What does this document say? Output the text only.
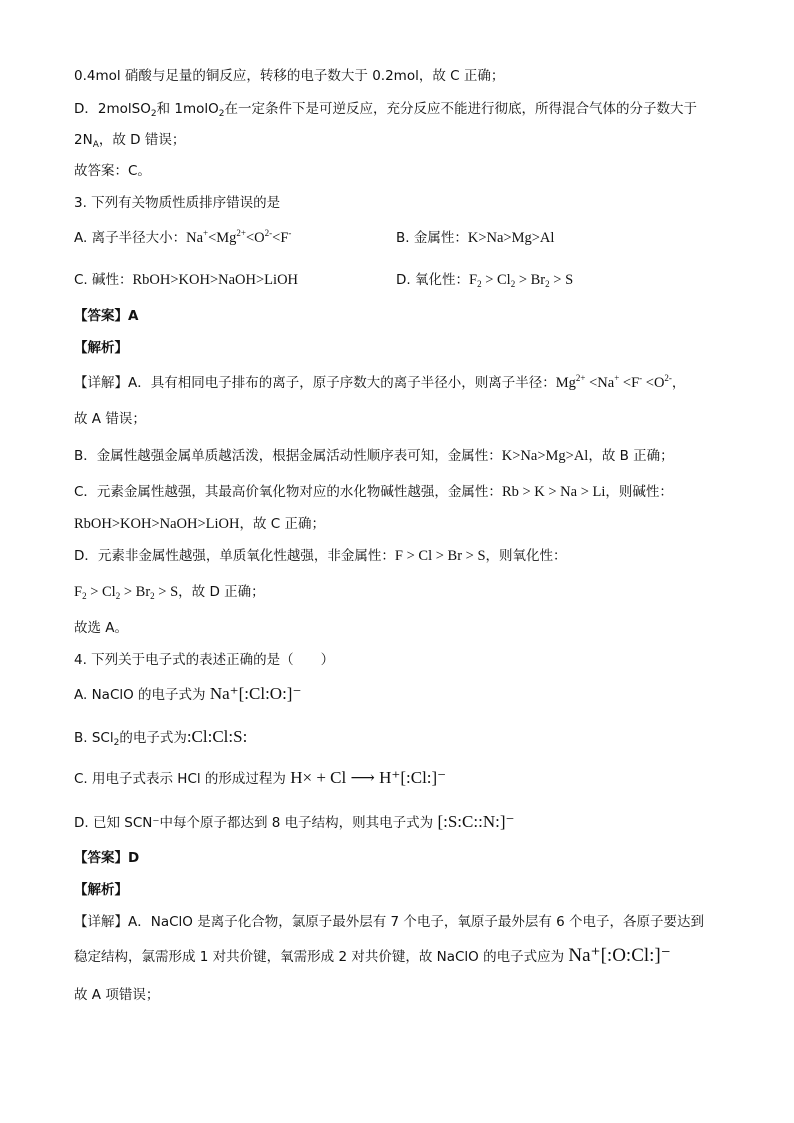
0.4mol 硝酸与足量的铜反应，转移的电子数大于 0.2mol，故 C 正确；
D．2molSO$_2$和 1molO$_2$在一定条件下是可逆反应，充分反应不能进行彻底，所得混合气体的分子数大于
$2N_A$，故 D 错误；
故答案：C。
3. 下列有关物质性质排序错误的是
A. 离子半径大小：$Na^+<Mg^{2+}<O^{2-}<F^-$	B. 金属性：K>Na>Mg>Al
C. 碱性：RbOH>KOH>NaOH>LiOH	D. 氧化性：$F_2 > Cl_2 > Br_2 > S$
【答案】A
【解析】
【详解】A．具有相同电子排布的离子，原子序数大的离子半径小，则离子半径：$Mg^{2+} <Na^+ <F^- <O^{2-}$，
故 A 错误；
B．金属性越强金属单质越活泼，根据金属活动性顺序表可知，金属性：K>Na>Mg>Al，故 B 正确；
C．元素金属性越强，其最高价氧化物对应的水化物碱性越强，金属性：Rb > K > Na > Li，则碱性：
RbOH>KOH>NaOH>LiOH，故 C 正确；
D．元素非金属性越强，单质氧化性越强，非金属性：F > Cl > Br > S，则氧化性：
$F_2 > Cl_2 > Br_2 > S$，故 D 正确；
故选 A。
4. 下列关于电子式的表述正确的是（　　）
A. NaClO 的电子式为 Na⁺[:Cl:O:]⁻
B. SCl$_2$的电子式为:Cl:Cl:S:
C. 用电子式表示 HCl 的形成过程为 H× + Cl ⟶ H⁺[:Cl:]⁻
D. 已知 SCN⁻中每个原子都达到 8 电子结构，则其电子式为 [:S:C::N:]⁻
【答案】D
【解析】
【详解】A．NaClO 是离子化合物，氯原子最外层有 7 个电子，氧原子最外层有 6 个电子，各原子要达到
稳定结构，氯需形成 1 对共价键，氧需形成 2 对共价键，故 NaClO 的电子式应为 Na⁺[:O:Cl:]⁻
故 A 项错误；
